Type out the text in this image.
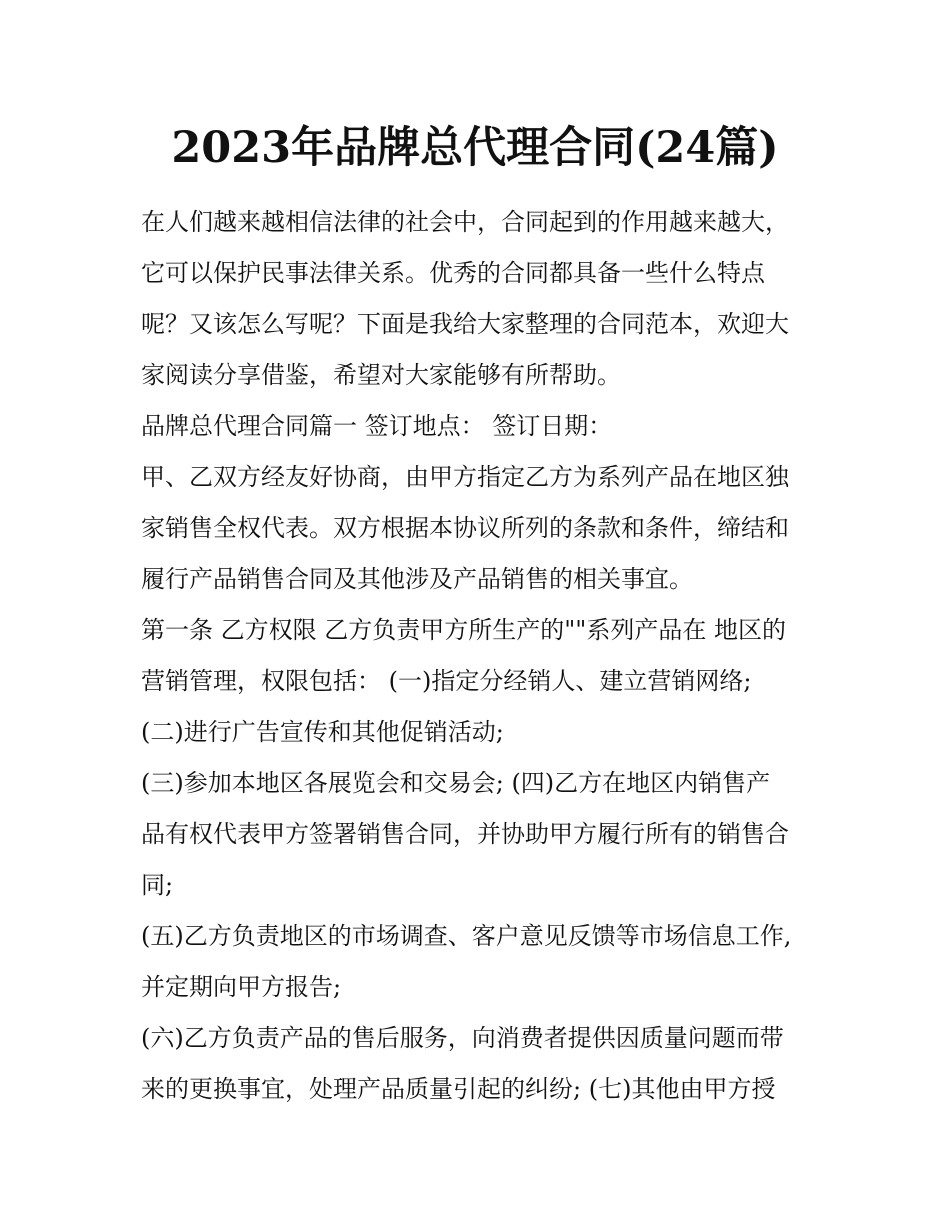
2023年品牌总代理合同(24篇)

在人们越来越相信法律的社会中，合同起到的作用越来越大，

它可以保护民事法律关系。优秀的合同都具备一些什么特点

呢？又该怎么写呢？下面是我给大家整理的合同范本，欢迎大

家阅读分享借鉴，希望对大家能够有所帮助。

品牌总代理合同篇一 签订地点： 签订日期：

甲、乙双方经友好协商，由甲方指定乙方为系列产品在地区独

家销售全权代表。双方根据本协议所列的条款和条件，缔结和

履行产品销售合同及其他涉及产品销售的相关事宜。

第一条 乙方权限 乙方负责甲方所生产的""系列产品在 地区的

营销管理，权限包括： (一)指定分经销人、建立营销网络;

(二)进行广告宣传和其他促销活动;

(三)参加本地区各展览会和交易会; (四)乙方在地区内销售产

品有权代表甲方签署销售合同，并协助甲方履行所有的销售合

同;

(五)乙方负责地区的市场调查、客户意见反馈等市场信息工作,

并定期向甲方报告;

(六)乙方负责产品的售后服务，向消费者提供因质量问题而带

来的更换事宜，处理产品质量引起的纠纷; (七)其他由甲方授
